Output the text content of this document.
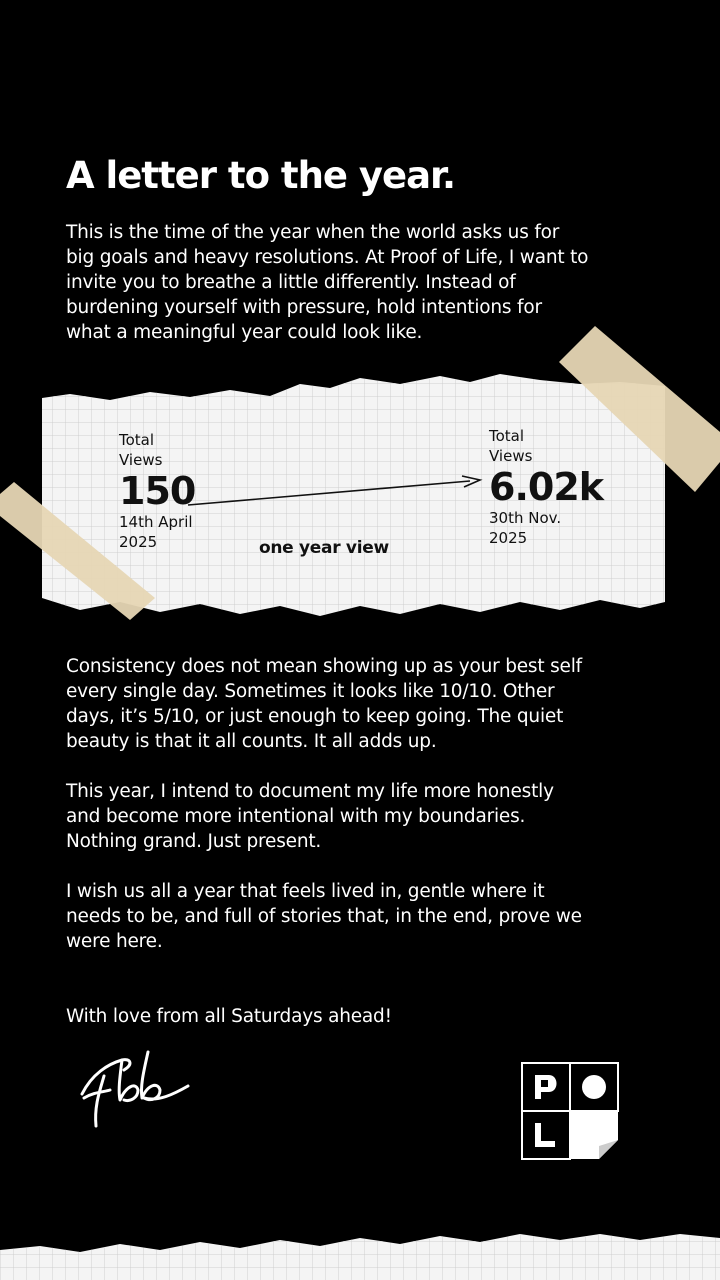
A letter to the year.

This is the time of the year when the world asks us for
big goals and heavy resolutions. At Proof of Life, I want to
invite you to breathe a little differently. Instead of
burdening yourself with pressure, hold intentions for
what a meaningful year could look like.

Total
Views
150
14th April
2025
Total
Views
6.02k
30th Nov.
2025
one year view

Consistency does not mean showing up as your best self
every single day. Sometimes it looks like 10/10. Other
days, it’s 5/10, or just enough to keep going. The quiet
beauty is that it all counts. It all adds up.

This year, I intend to document my life more honestly
and become more intentional with my boundaries.
Nothing grand. Just present.

I wish us all a year that feels lived in, gentle where it
needs to be, and full of stories that, in the end, prove we
were here.

With love from all Saturdays ahead!
